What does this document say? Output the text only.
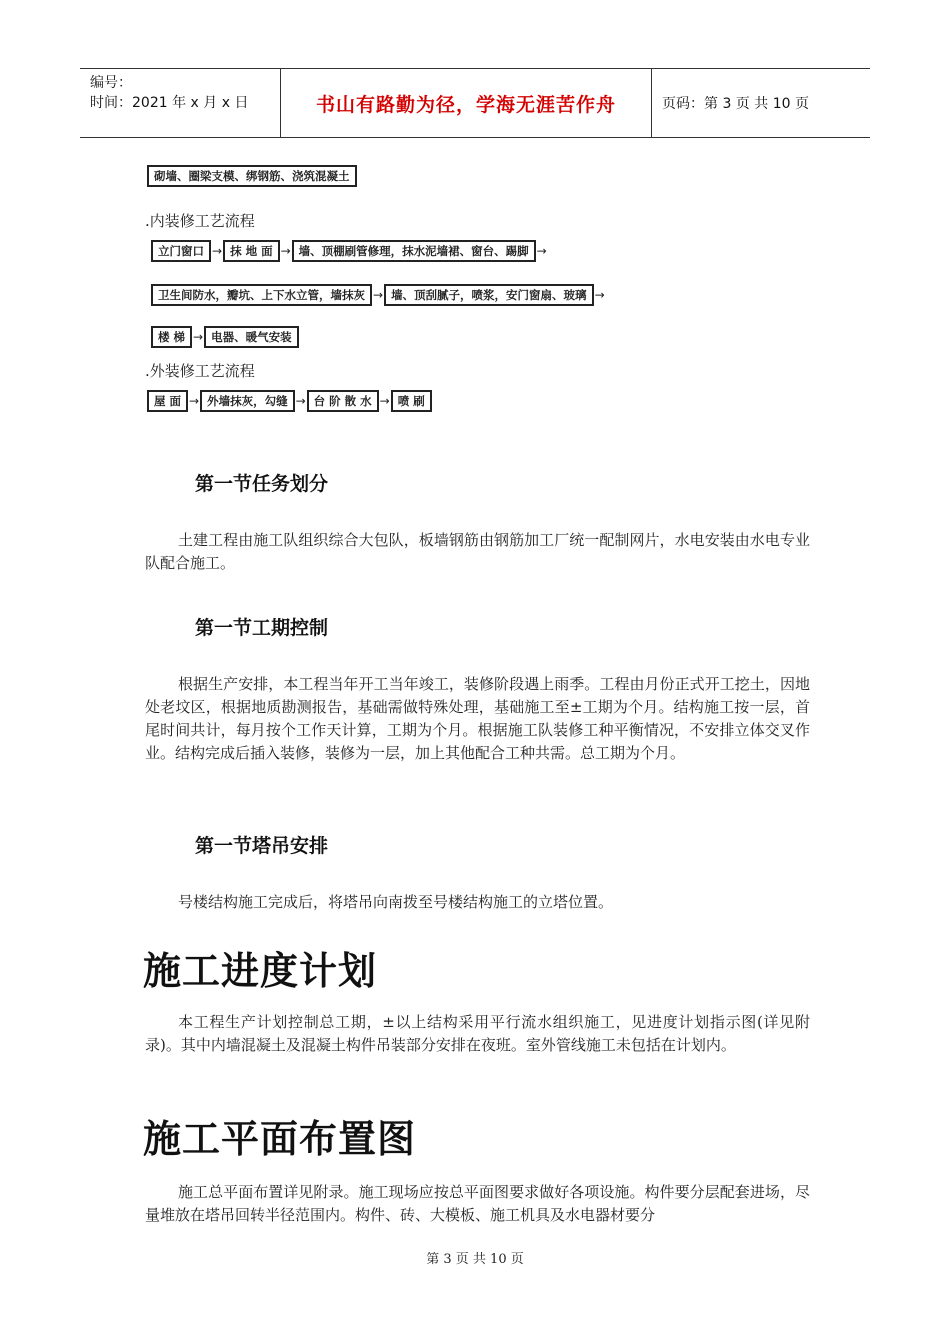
编号：
时间：2021 年 x 月 x 日	书山有路勤为径，学海无涯苦作舟	页码：第 3 页 共 10 页
砌墙、圈梁支模、绑钢筋、浇筑混凝土
.内装修工艺流程
立门窗口 → 抹 地 面 → 墙、顶棚刷管修理，抹水泥墙裙、窗台、踢脚 →
卫生间防水，瓣坑、上下水立管，墙抹灰 → 墙、顶刮腻子，喷浆，安门窗扇、玻璃 →
楼 梯 → 电器、暖气安装
.外装修工艺流程
屋 面 → 外墙抹灰，勾缝 → 台 阶 散 水 → 喷 刷
第一节任务划分
土建工程由施工队组织综合大包队，板墙钢筋由钢筋加工厂统一配制网片，水电安装由水电专业队配合施工。
第一节工期控制
根据生产安排，本工程当年开工当年竣工，装修阶段遇上雨季。工程由月份正式开工挖土，因地处老坟区，根据地质勘测报告，基础需做特殊处理，基础施工至±工期为个月。结构施工按一层，首尾时间共计，每月按个工作天计算，工期为个月。根据施工队装修工种平衡情况，不安排立体交叉作业。结构完成后插入装修，装修为一层，加上其他配合工种共需。总工期为个月。
第一节塔吊安排
号楼结构施工完成后，将塔吊向南拨至号楼结构施工的立塔位置。
施工进度计划
本工程生产计划控制总工期，±以上结构采用平行流水组织施工，见进度计划指示图(详见附录)。其中内墙混凝土及混凝土构件吊装部分安排在夜班。室外管线施工未包括在计划内。
施工平面布置图
施工总平面布置详见附录。施工现场应按总平面图要求做好各项设施。构件要分层配套进场，尽量堆放在塔吊回转半径范围内。构件、砖、大模板、施工机具及水电器材要分
第 3 页 共 10 页
